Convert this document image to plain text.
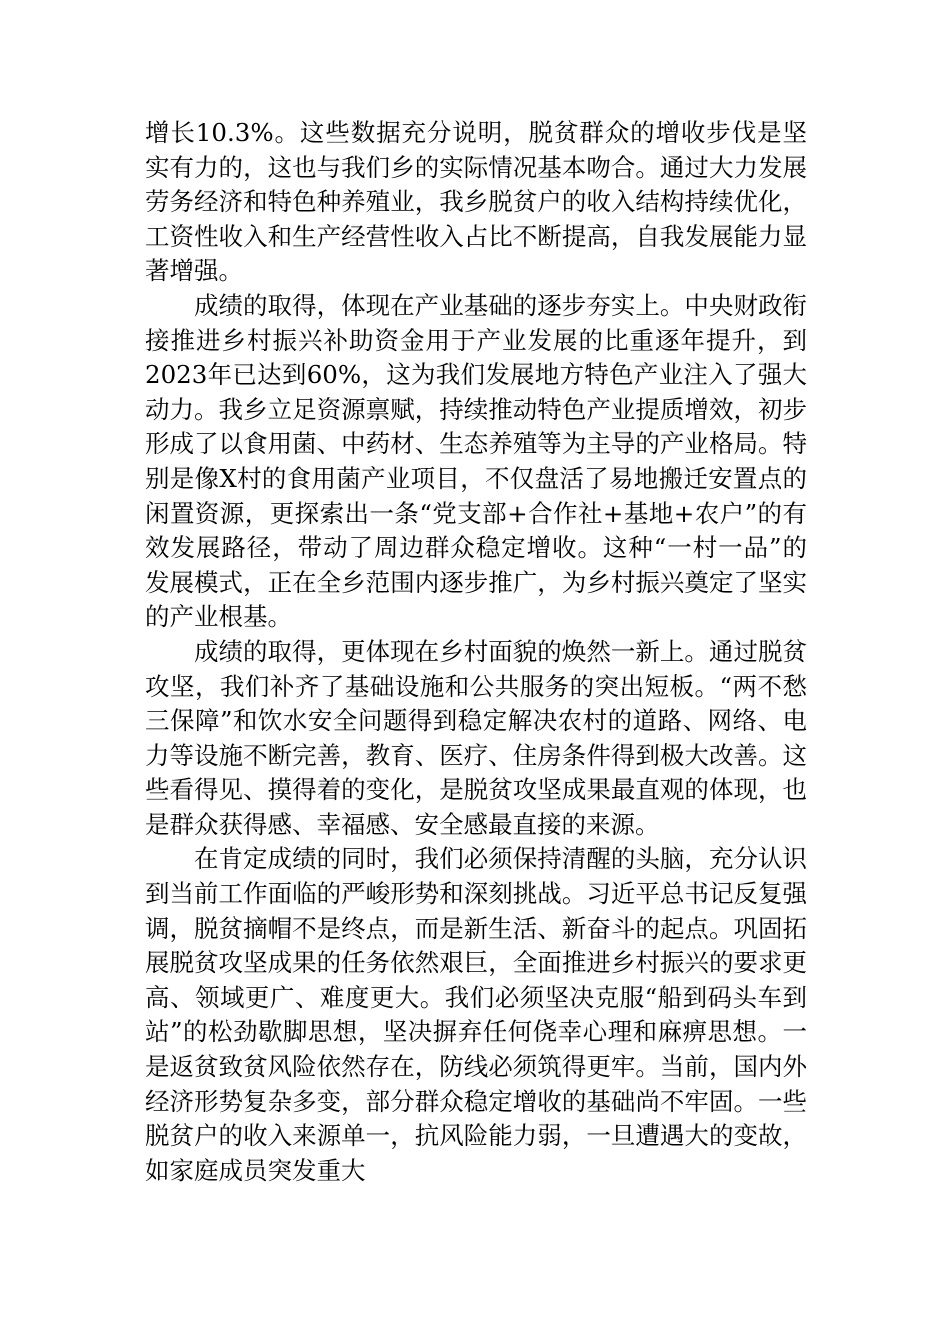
增长10.3%。这些数据充分说明，脱贫群众的增收步伐是坚实有力的，这也与我们乡的实际情况基本吻合。通过大力发展劳务经济和特色种养殖业，我乡脱贫户的收入结构持续优化，工资性收入和生产经营性收入占比不断提高，自我发展能力显著增强。

成绩的取得，体现在产业基础的逐步夯实上。中央财政衔接推进乡村振兴补助资金用于产业发展的比重逐年提升，到2023年已达到60%，这为我们发展地方特色产业注入了强大动力。我乡立足资源禀赋，持续推动特色产业提质增效，初步形成了以食用菌、中药材、生态养殖等为主导的产业格局。特别是像X村的食用菌产业项目，不仅盘活了易地搬迁安置点的闲置资源，更探索出一条“党支部+合作社+基地+农户”的有效发展路径，带动了周边群众稳定增收。这种“一村一品”的发展模式，正在全乡范围内逐步推广，为乡村振兴奠定了坚实的产业根基。

成绩的取得，更体现在乡村面貌的焕然一新上。通过脱贫攻坚，我们补齐了基础设施和公共服务的突出短板。“两不愁三保障”和饮水安全问题得到稳定解决农村的道路、网络、电力等设施不断完善，教育、医疗、住房条件得到极大改善。这些看得见、摸得着的变化，是脱贫攻坚成果最直观的体现，也是群众获得感、幸福感、安全感最直接的来源。

在肯定成绩的同时，我们必须保持清醒的头脑，充分认识到当前工作面临的严峻形势和深刻挑战。习近平总书记反复强调，脱贫摘帽不是终点，而是新生活、新奋斗的起点。巩固拓展脱贫攻坚成果的任务依然艰巨，全面推进乡村振兴的要求更高、领域更广、难度更大。我们必须坚决克服“船到码头车到站”的松劲歇脚思想，坚决摒弃任何侥幸心理和麻痹思想。一是返贫致贫风险依然存在，防线必须筑得更牢。当前，国内外经济形势复杂多变，部分群众稳定增收的基础尚不牢固。一些脱贫户的收入来源单一，抗风险能力弱，一旦遭遇大的变故，如家庭成员突发重大
